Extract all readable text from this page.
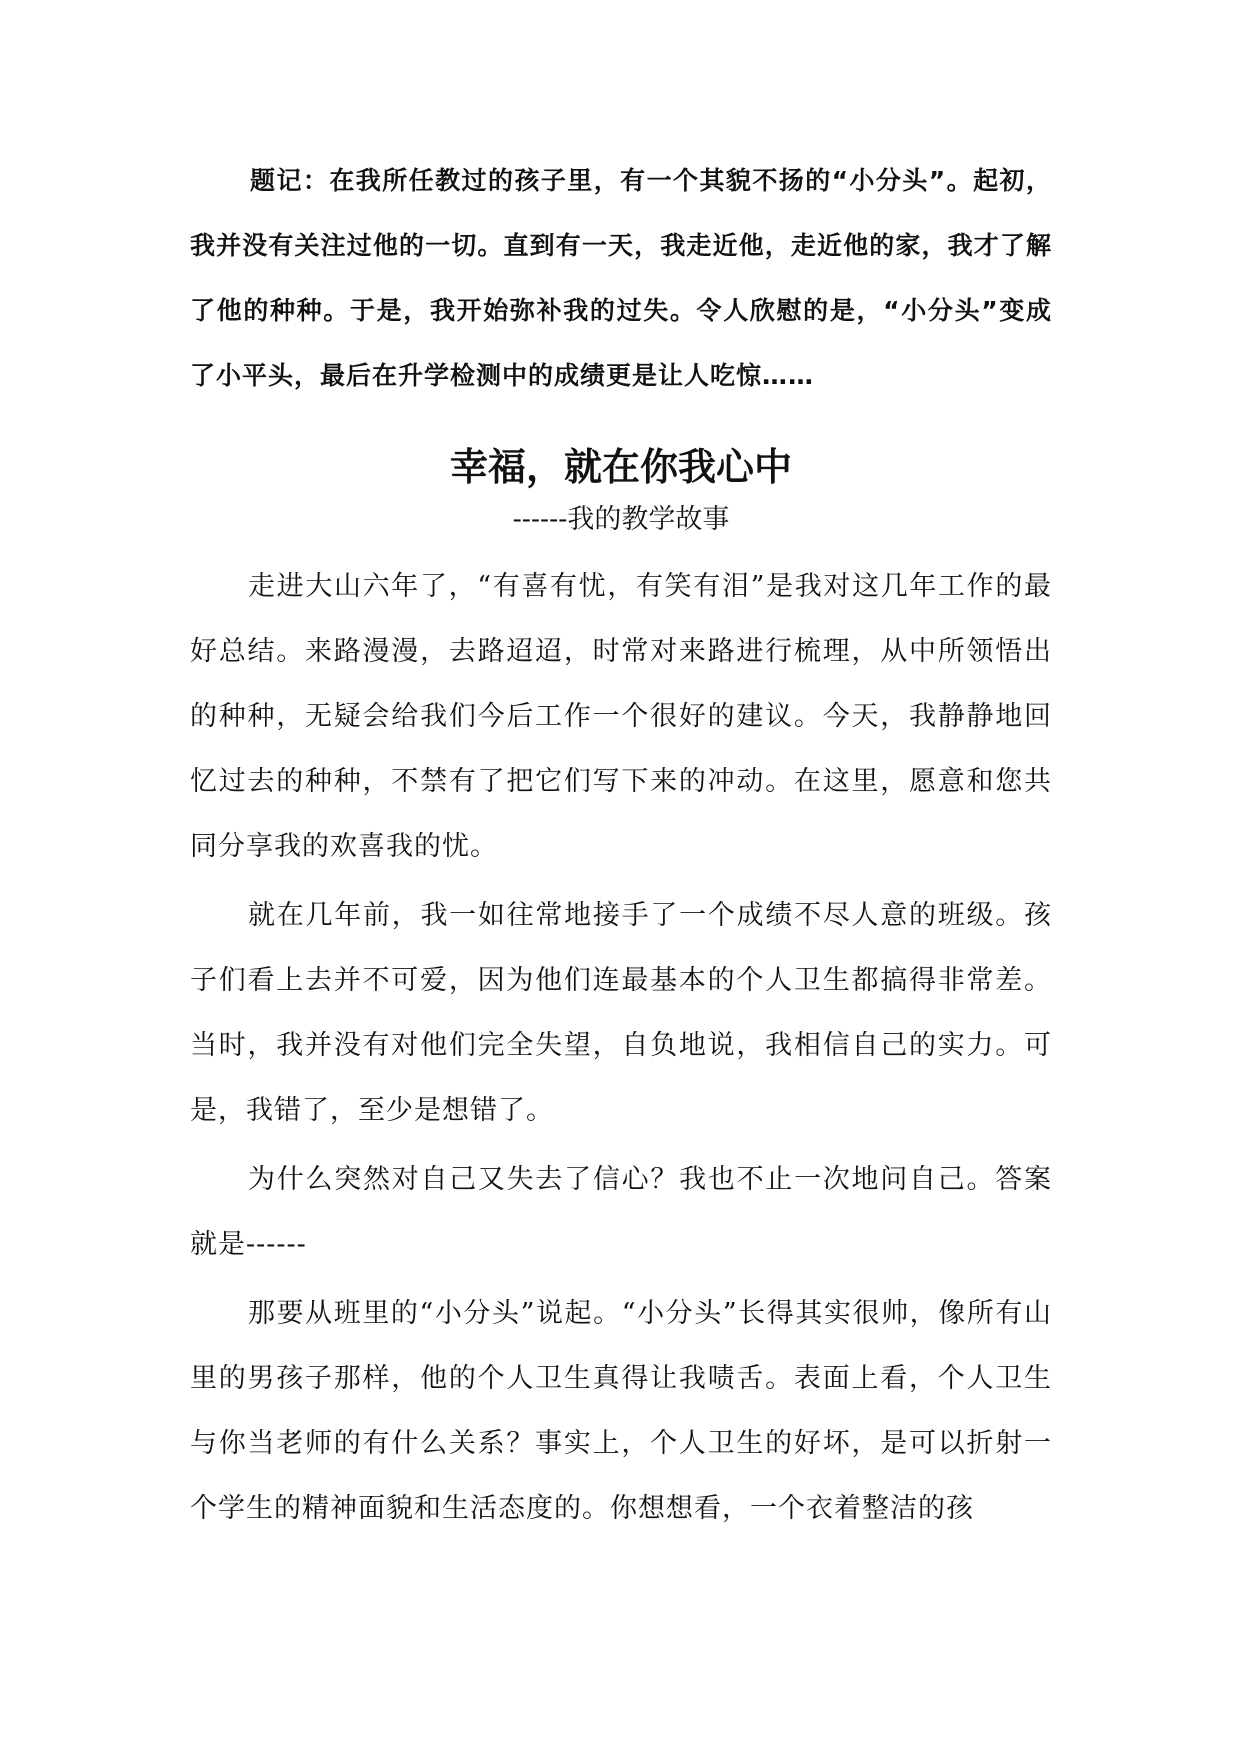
题记：在我所任教过的孩子里，有一个其貌不扬的“小分头”。起初，我并没有关注过他的一切。直到有一天，我走近他，走近他的家，我才了解了他的种种。于是，我开始弥补我的过失。令人欣慰的是，“小分头”变成了小平头，最后在升学检测中的成绩更是让人吃惊……

幸福，就在你我心中
------我的教学故事

走进大山六年了，“有喜有忧，有笑有泪”是我对这几年工作的最好总结。来路漫漫，去路迢迢，时常对来路进行梳理，从中所领悟出的种种，无疑会给我们今后工作一个很好的建议。今天，我静静地回忆过去的种种，不禁有了把它们写下来的冲动。在这里，愿意和您共同分享我的欢喜我的忧。

就在几年前，我一如往常地接手了一个成绩不尽人意的班级。孩子们看上去并不可爱，因为他们连最基本的个人卫生都搞得非常差。当时，我并没有对他们完全失望，自负地说，我相信自己的实力。可是，我错了，至少是想错了。

为什么突然对自己又失去了信心？我也不止一次地问自己。答案就是------

那要从班里的“小分头”说起。“小分头”长得其实很帅，像所有山里的男孩子那样，他的个人卫生真得让我啧舌。表面上看，个人卫生与你当老师的有什么关系？事实上，个人卫生的好坏，是可以折射一个学生的精神面貌和生活态度的。你想想看，一个衣着整洁的孩
